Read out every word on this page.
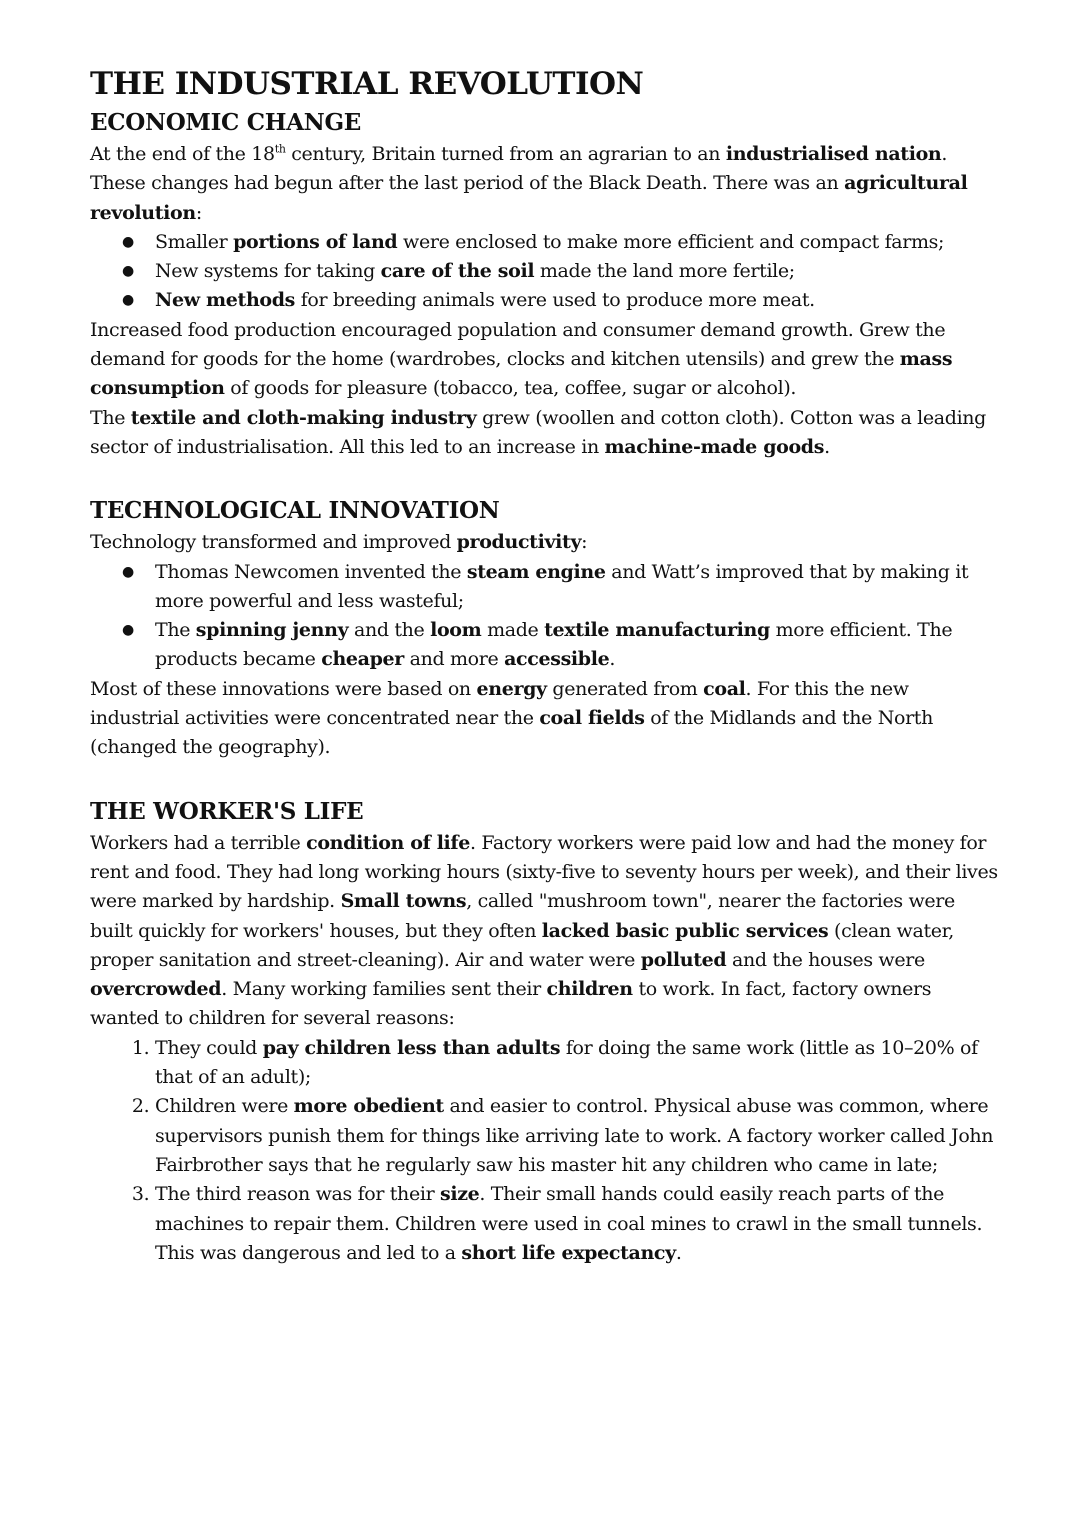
THE INDUSTRIAL REVOLUTION
ECONOMIC CHANGE

At the end of the 18th century, Britain turned from an agrarian to an industrialised nation. These changes had begun after the last period of the Black Death. There was an agricultural revolution:

● Smaller portions of land were enclosed to make more efficient and compact farms;
● New systems for taking care of the soil made the land more fertile;
● New methods for breeding animals were used to produce more meat.

Increased food production encouraged population and consumer demand growth. Grew the demand for goods for the home (wardrobes, clocks and kitchen utensils) and grew the mass consumption of goods for pleasure (tobacco, tea, coffee, sugar or alcohol).

The textile and cloth-making industry grew (woollen and cotton cloth). Cotton was a leading sector of industrialisation. All this led to an increase in machine-made goods.

TECHNOLOGICAL INNOVATION

Technology transformed and improved productivity:

● Thomas Newcomen invented the steam engine and Watt’s improved that by making it more powerful and less wasteful;
● The spinning jenny and the loom made textile manufacturing more efficient. The products became cheaper and more accessible.

Most of these innovations were based on energy generated from coal. For this the new industrial activities were concentrated near the coal fields of the Midlands and the North (changed the geography).

THE WORKER'S LIFE

Workers had a terrible condition of life. Factory workers were paid low and had the money for rent and food. They had long working hours (sixty-five to seventy hours per week), and their lives were marked by hardship. Small towns, called "mushroom town", nearer the factories were built quickly for workers' houses, but they often lacked basic public services (clean water, proper sanitation and street-cleaning). Air and water were polluted and the houses were overcrowded. Many working families sent their children to work. In fact, factory owners wanted to children for several reasons:

1. They could pay children less than adults for doing the same work (little as 10–20% of that of an adult);
2. Children were more obedient and easier to control. Physical abuse was common, where supervisors punish them for things like arriving late to work. A factory worker called John Fairbrother says that he regularly saw his master hit any children who came in late;
3. The third reason was for their size. Their small hands could easily reach parts of the machines to repair them. Children were used in coal mines to crawl in the small tunnels. This was dangerous and led to a short life expectancy.
